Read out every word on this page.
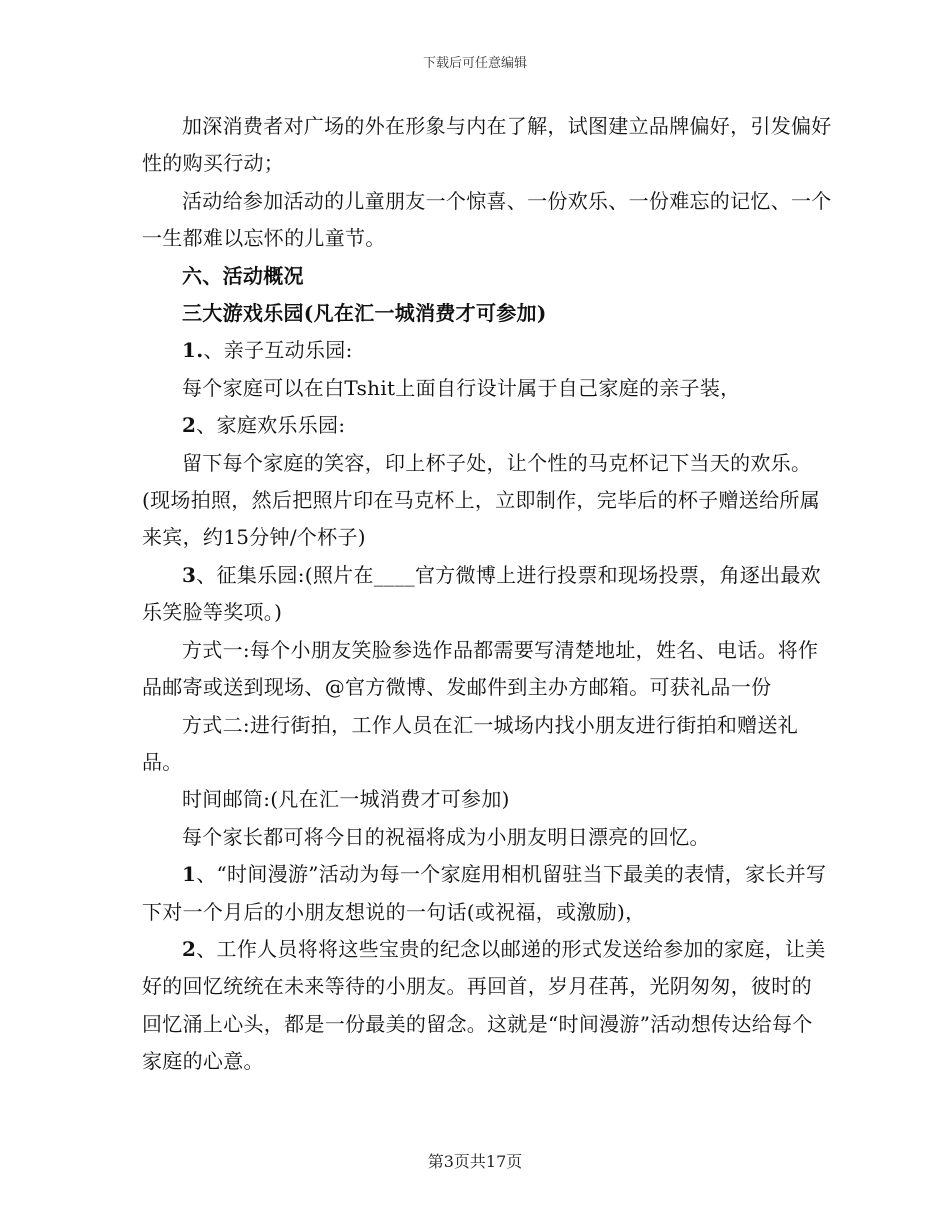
下载后可任意编辑

加深消费者对广场的外在形象与内在了解，试图建立品牌偏好，引发偏好性的购买行动；

活动给参加活动的儿童朋友一个惊喜、一份欢乐、一份难忘的记忆、一个一生都难以忘怀的儿童节。

六、活动概况

三大游戏乐园(凡在汇一城消费才可参加)

1.、亲子互动乐园:

每个家庭可以在白Tshit上面自行设计属于自己家庭的亲子装，

2、家庭欢乐乐园:

留下每个家庭的笑容，印上杯子处，让个性的马克杯记下当天的欢乐。(现场拍照，然后把照片印在马克杯上，立即制作，完毕后的杯子赠送给所属来宾，约15分钟/个杯子)

3、征集乐园:(照片在____官方微博上进行投票和现场投票，角逐出最欢乐笑脸等奖项。)

方式一:每个小朋友笑脸参选作品都需要写清楚地址，姓名、电话。将作品邮寄或送到现场、@官方微博、发邮件到主办方邮箱。可获礼品一份

方式二:进行街拍，工作人员在汇一城场内找小朋友进行街拍和赠送礼品。

时间邮筒:(凡在汇一城消费才可参加)

每个家长都可将今日的祝福将成为小朋友明日漂亮的回忆。

1、“时间漫游”活动为每一个家庭用相机留驻当下最美的表情，家长并写下对一个月后的小朋友想说的一句话(或祝福，或激励)，

2、工作人员将将这些宝贵的纪念以邮递的形式发送给参加的家庭，让美好的回忆统统在未来等待的小朋友。再回首，岁月荏苒，光阴匆匆，彼时的回忆涌上心头，都是一份最美的留念。这就是“时间漫游”活动想传达给每个家庭的心意。

第3页共17页
